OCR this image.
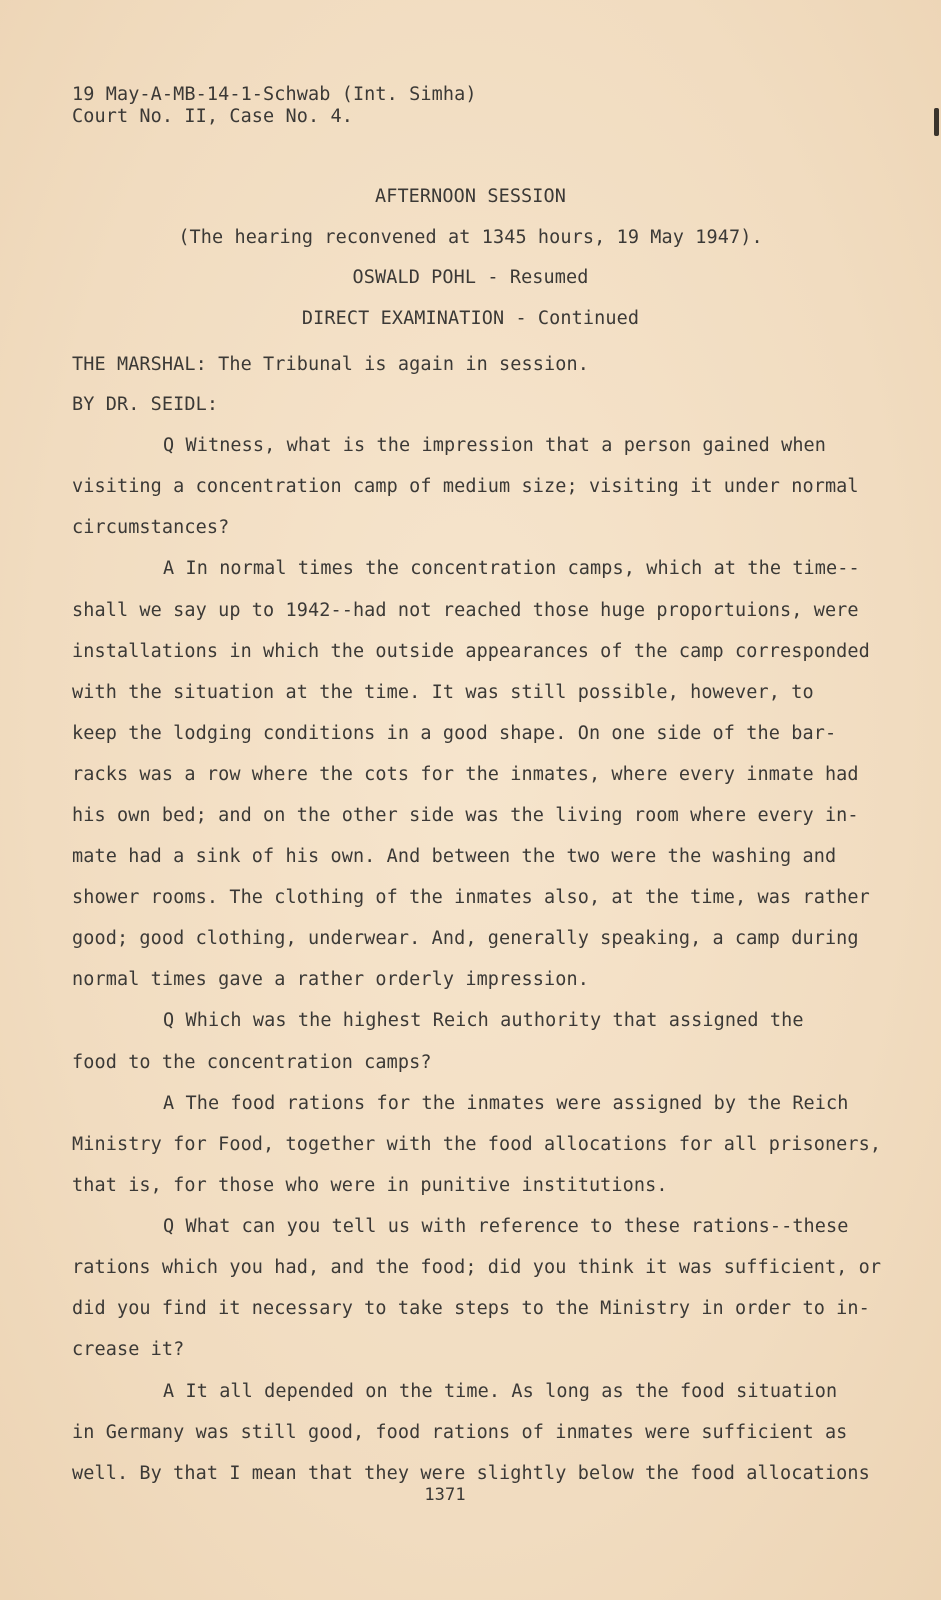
19 May-A-MB-14-1-Schwab (Int. Simha)
Court No. II, Case No. 4.
AFTERNOON SESSION
(The hearing reconvened at 1345 hours, 19 May 1947).
OSWALD POHL - Resumed
DIRECT EXAMINATION - Continued
THE MARSHAL: The Tribunal is again in session.
BY DR. SEIDL:
Q Witness, what is the impression that a person gained when
visiting a concentration camp of medium size; visiting it under normal
circumstances?
A In normal times the concentration camps, which at the time--
shall we say up to 1942--had not reached those huge proportuions, were
installations in which the outside appearances of the camp corresponded
with the situation at the time. It was still possible, however, to
keep the lodging conditions in a good shape. On one side of the bar-
racks was a row where the cots for the inmates, where every inmate had
his own bed; and on the other side was the living room where every in-
mate had a sink of his own. And between the two were the washing and
shower rooms. The clothing of the inmates also, at the time, was rather
good; good clothing, underwear. And, generally speaking, a camp during
normal times gave a rather orderly impression.
Q Which was the highest Reich authority that assigned the
food to the concentration camps?
A The food rations for the inmates were assigned by the Reich
Ministry for Food, together with the food allocations for all prisoners,
that is, for those who were in punitive institutions.
Q What can you tell us with reference to these rations--these
rations which you had, and the food; did you think it was sufficient, or
did you find it necessary to take steps to the Ministry in order to in-
crease it?
A It all depended on the time. As long as the food situation
in Germany was still good, food rations of inmates were sufficient as
well. By that I mean that they were slightly below the food allocations
1371
